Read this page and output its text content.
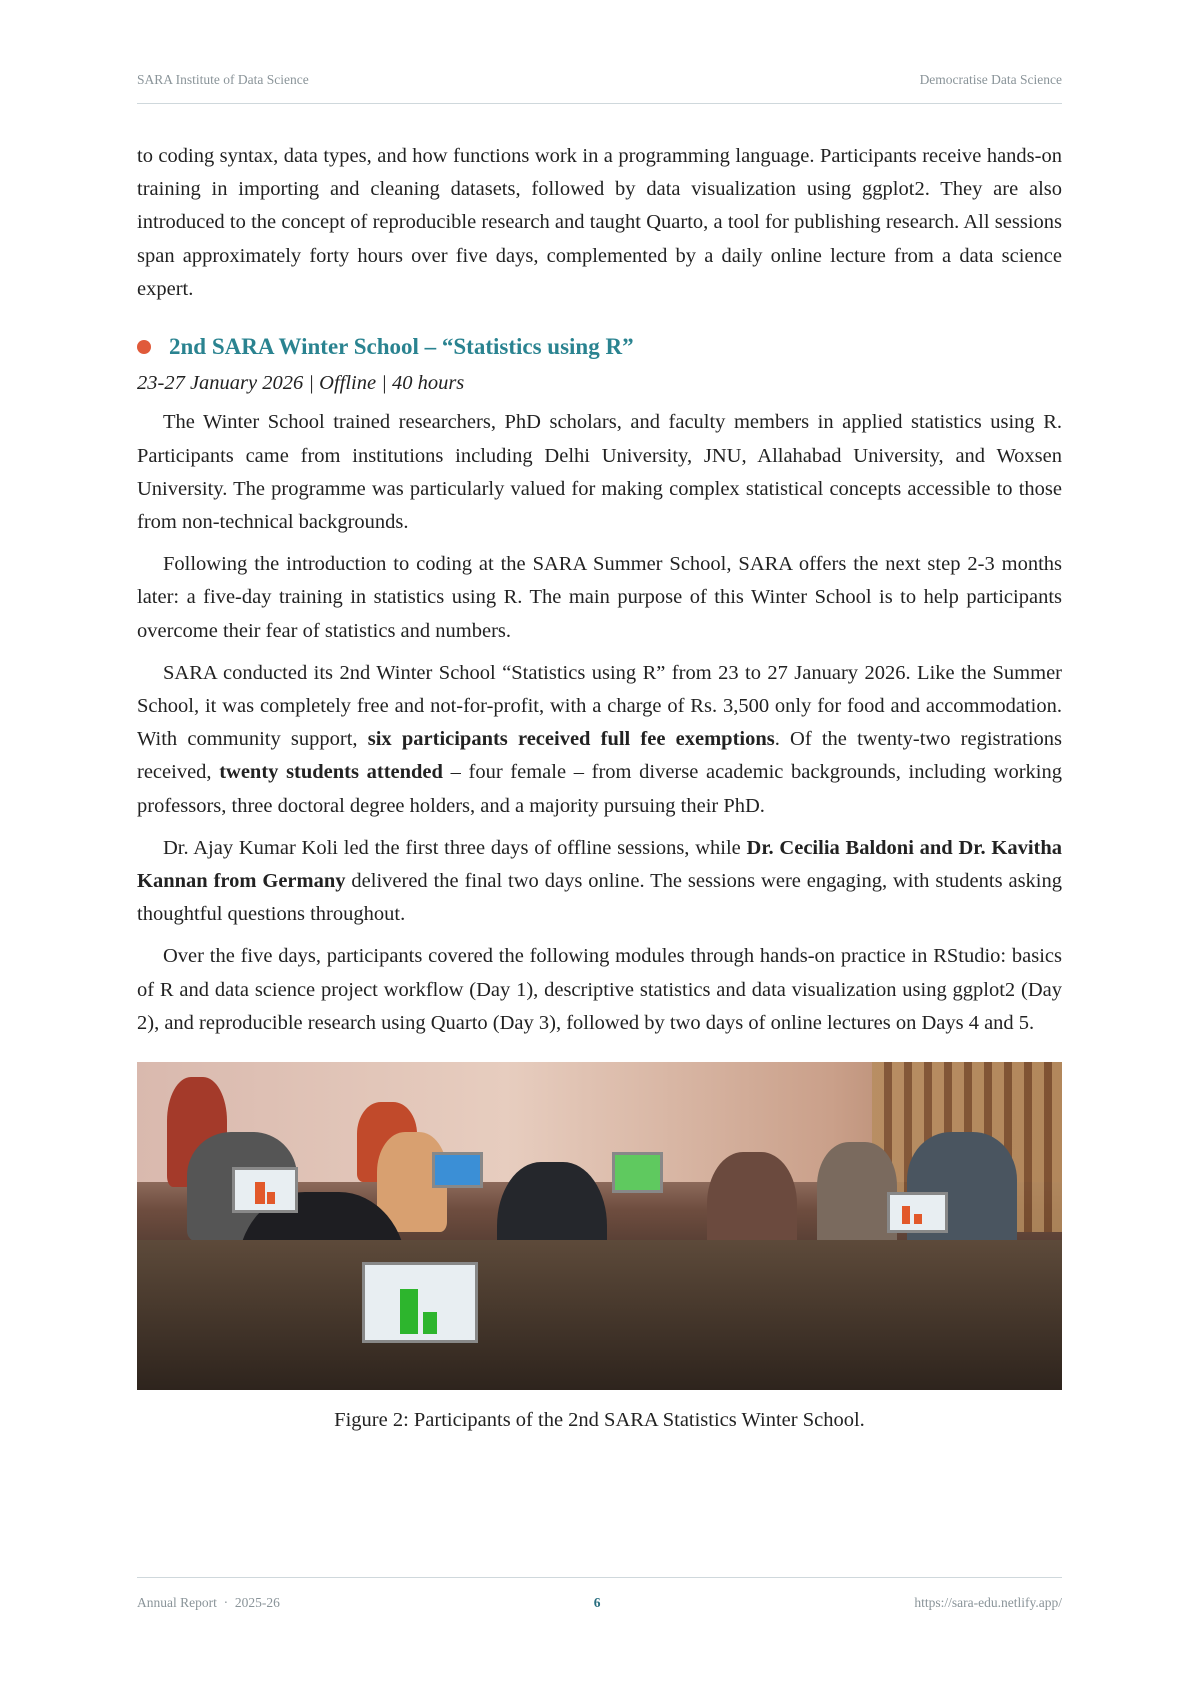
SARA Institute of Data Science	Democratise Data Science

to coding syntax, data types, and how functions work in a programming language. Participants receive hands-on training in importing and cleaning datasets, followed by data visualization using ggplot2. They are also introduced to the concept of reproducible research and taught Quarto, a tool for publishing research. All sessions span approximately forty hours over five days, complemented by a daily online lecture from a data science expert.

2nd SARA Winter School – “Statistics using R”
23-27 January 2026 | Offline | 40 hours

The Winter School trained researchers, PhD scholars, and faculty members in applied statistics using R. Participants came from institutions including Delhi University, JNU, Allahabad University, and Woxsen University. The programme was particularly valued for making complex statistical concepts accessible to those from non-technical backgrounds.

Following the introduction to coding at the SARA Summer School, SARA offers the next step 2-3 months later: a five-day training in statistics using R. The main purpose of this Winter School is to help participants overcome their fear of statistics and numbers.

SARA conducted its 2nd Winter School “Statistics using R” from 23 to 27 January 2026. Like the Summer School, it was completely free and not-for-profit, with a charge of Rs. 3,500 only for food and accommodation. With community support, six participants received full fee exemptions. Of the twenty-two registrations received, twenty students attended – four female – from diverse academic backgrounds, including working professors, three doctoral degree holders, and a majority pursuing their PhD.

Dr. Ajay Kumar Koli led the first three days of offline sessions, while Dr. Cecilia Baldoni and Dr. Kavitha Kannan from Germany delivered the final two days online. The sessions were engaging, with students asking thoughtful questions throughout.

Over the five days, participants covered the following modules through hands-on practice in RStudio: basics of R and data science project workflow (Day 1), descriptive statistics and data visualization using ggplot2 (Day 2), and reproducible research using Quarto (Day 3), followed by two days of online lectures on Days 4 and 5.

Figure 2: Participants of the 2nd SARA Statistics Winter School.
Annual Report  ·  2025-26	6	https://sara-edu.netlify.app/
